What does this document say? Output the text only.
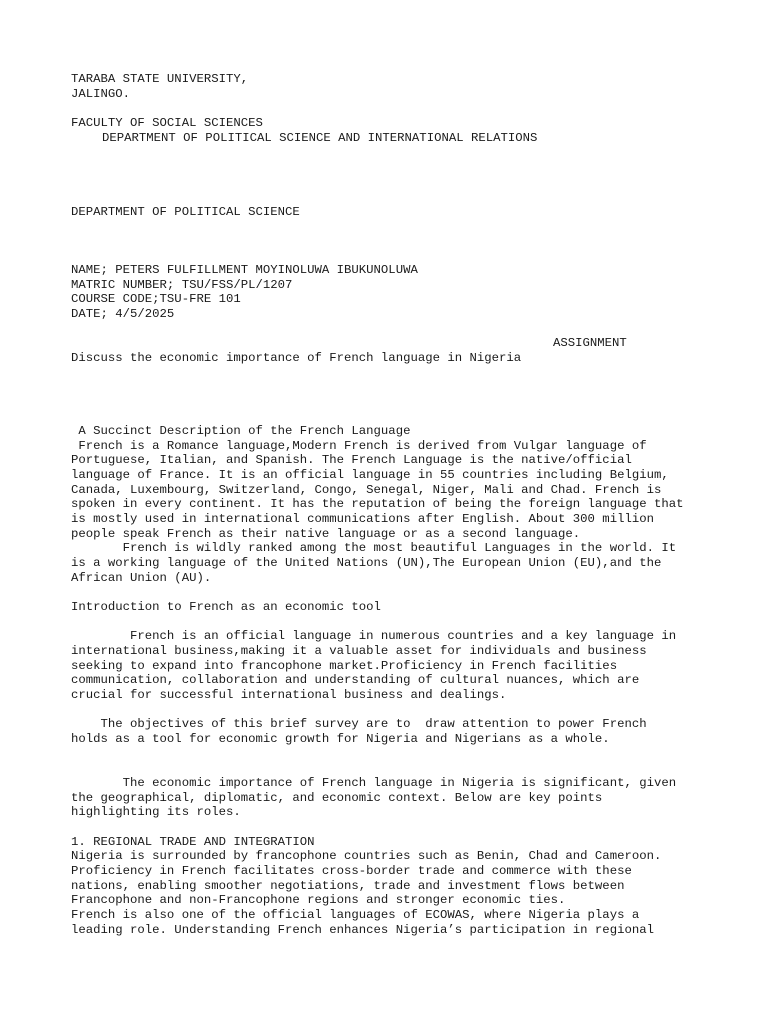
TARABA STATE UNIVERSITY,
JALINGO.
FACULTY OF SOCIAL SCIENCES
DEPARTMENT OF POLITICAL SCIENCE AND INTERNATIONAL RELATIONS
DEPARTMENT OF POLITICAL SCIENCE
NAME; PETERS FULFILLMENT MOYINOLUWA IBUKUNOLUWA
MATRIC NUMBER; TSU/FSS/PL/1207
COURSE CODE;TSU-FRE 101
DATE; 4/5/2025
ASSIGNMENT
Discuss the economic importance of French language in Nigeria
A Succinct Description of the French Language
French is a Romance language,Modern French is derived from Vulgar language of
Portuguese, Italian, and Spanish. The French Language is the native/official
language of France. It is an official language in 55 countries including Belgium,
Canada, Luxembourg, Switzerland, Congo, Senegal, Niger, Mali and Chad. French is
spoken in every continent. It has the reputation of being the foreign language that
is mostly used in international communications after English. About 300 million
people speak French as their native language or as a second language.
French is wildly ranked among the most beautiful Languages in the world. It
is a working language of the United Nations (UN),The European Union (EU),and the
African Union (AU).
Introduction to French as an economic tool
French is an official language in numerous countries and a key language in
international business,making it a valuable asset for individuals and business
seeking to expand into francophone market.Proficiency in French facilities
communication, collaboration and understanding of cultural nuances, which are
crucial for successful international business and dealings.
The objectives of this brief survey are to  draw attention to power French
holds as a tool for economic growth for Nigeria and Nigerians as a whole.
The economic importance of French language in Nigeria is significant, given
the geographical, diplomatic, and economic context. Below are key points
highlighting its roles.
1. REGIONAL TRADE AND INTEGRATION
Nigeria is surrounded by francophone countries such as Benin, Chad and Cameroon.
Proficiency in French facilitates cross-border trade and commerce with these
nations, enabling smoother negotiations, trade and investment flows between
Francophone and non-Francophone regions and stronger economic ties.
French is also one of the official languages of ECOWAS, where Nigeria plays a
leading role. Understanding French enhances Nigeria’s participation in regional
